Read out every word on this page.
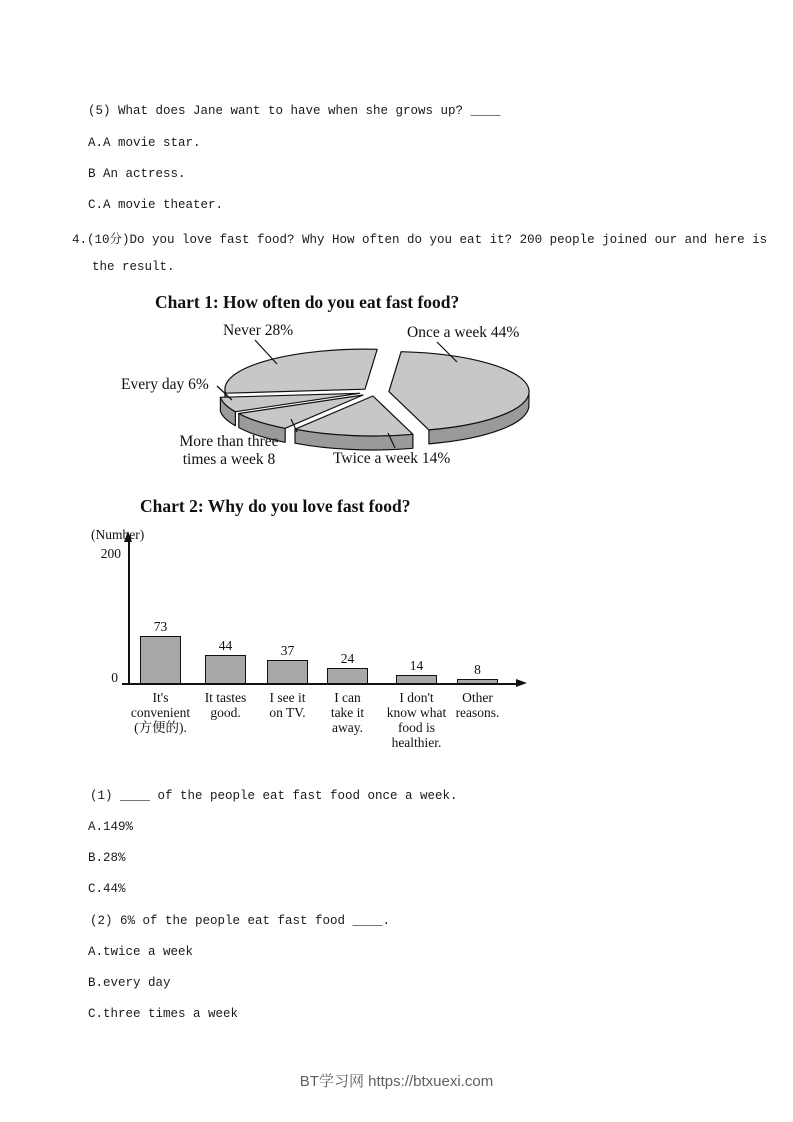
(5) What does Jane want to have when she grows up? ____
A.A movie star.
B An actress.
C.A movie theater.
4.(10分)Do you love fast food? Why How often do you eat it? 200 people joined our and here is
the result.
Chart 1: How often do you eat fast food?
Never 28%	Once a week 44%
Every day 6%
More than three times a week 8	Twice a week 14%
Chart 2: Why do you love fast food?
(Number)
200
0
73
It's
convenient
(方便的).
44
It tastes
good.
37
I see it
on TV.
24
I can
take it
away.
14
I don't
know what
food is
healthier.
8
Other
reasons.
(1) ____ of the people eat fast food once a week.
A.149%
B.28%
C.44%
(2) 6% of the people eat fast food ____.
A.twice a week
B.every day
C.three times a week
BT学习网 https://btxuexi.com
